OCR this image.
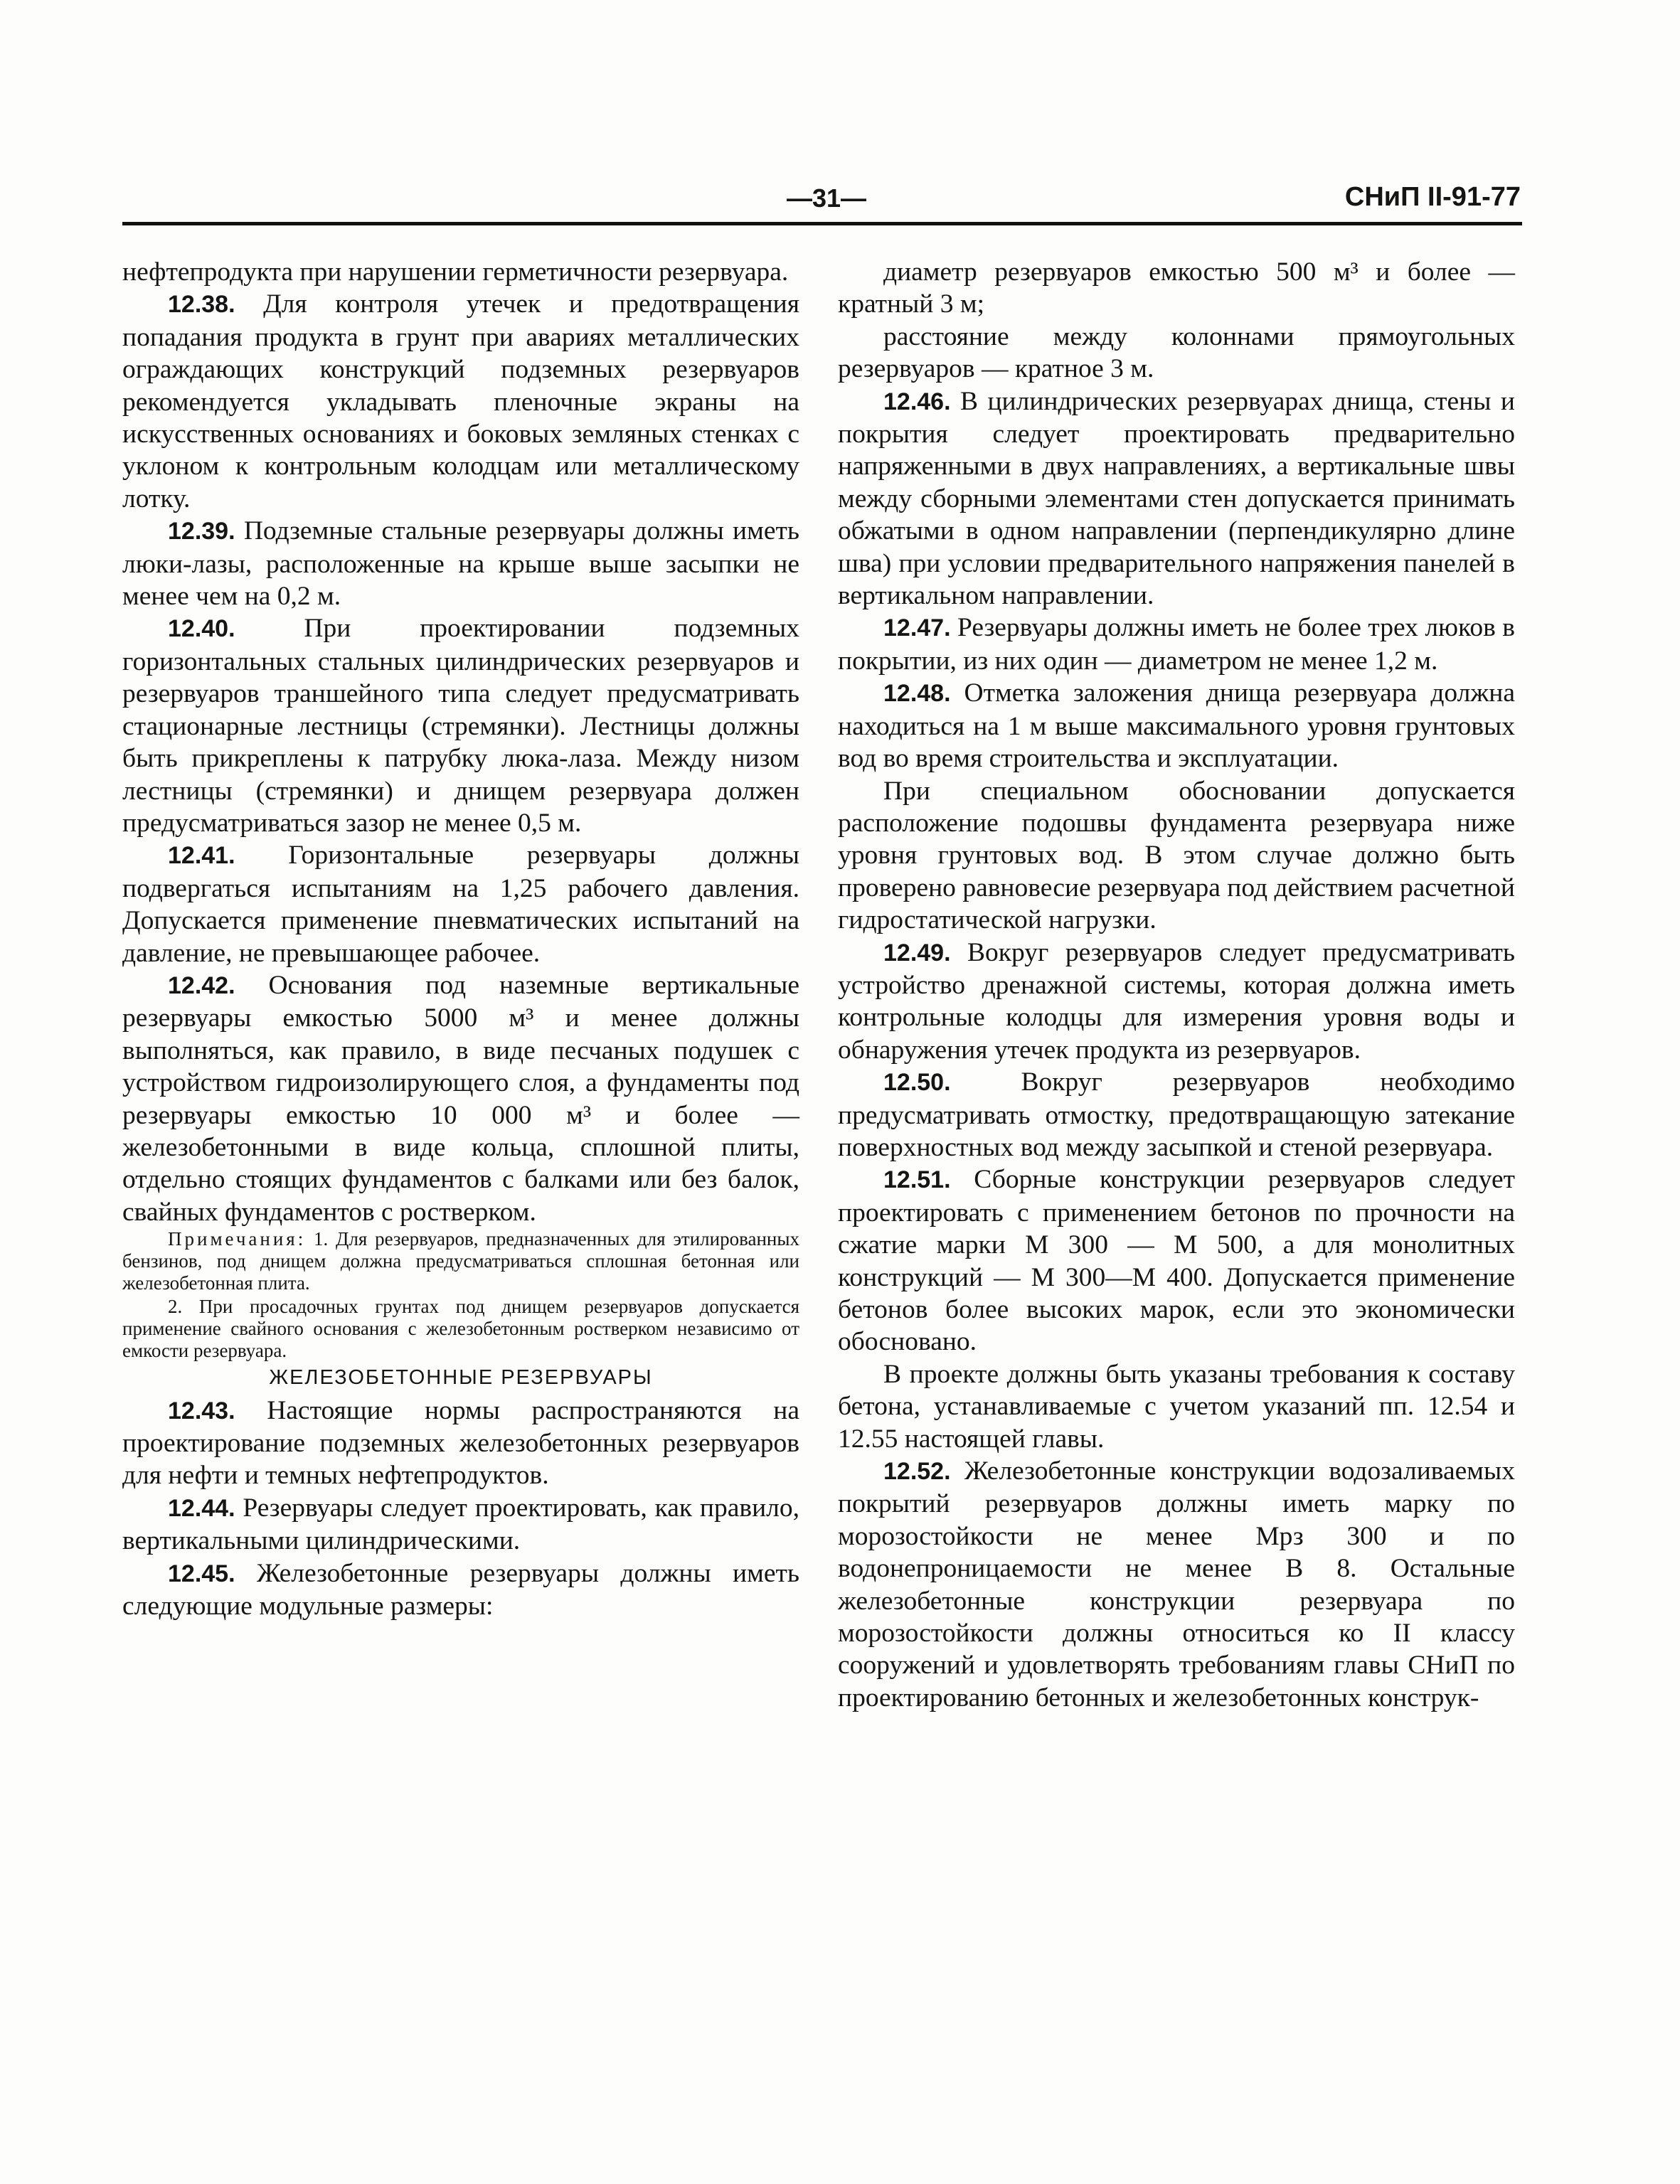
—31—	СНиП II-91-77

нефтепродукта при нарушении герметичности резервуара.

12.38. Для контроля утечек и предотвращения попадания продукта в грунт при авариях металлических ограждающих конструкций подземных резервуаров рекомендуется укладывать пленочные экраны на искусственных основаниях и боковых земляных стенках с уклоном к контрольным колодцам или металлическому лотку.

12.39. Подземные стальные резервуары должны иметь люки-лазы, расположенные на крыше выше засыпки не менее чем на 0,2 м.

12.40.	При проектировании подземных горизонтальных стальных цилиндрических резервуаров и резервуаров траншейного типа следует предусматривать стационарные лестницы (стремянки). Лестницы должны быть прикреплены к патрубку люка-лаза. Между низом лестницы (стремянки) и днищем резервуара должен предусматриваться зазор не менее 0,5 м.

12.41. Горизонтальные резервуары должны подвергаться испытаниям на 1,25 рабочего давления. Допускается применение пневматических испытаний на давление, не превышающее рабочее.

12.42. Основания под наземные вертикальные резервуары емкостью 5000 м³ и менее должны выполняться, как правило, в виде песчаных подушек с устройством гидроизолирующего слоя, а фундаменты под резервуары емкостью 10 000 м³ и более — железобетонными в виде кольца, сплошной плиты, отдельно стоящих фундаментов с балками или без балок, свайных фундаментов с ростверком.

Примечания: 1. Для резервуаров, предназначенных для этилированных бензинов, под днищем должна предусматриваться сплошная бетонная или железобетонная плита.

2. При просадочных грунтах под днищем резервуаров допускается применение свайного основания с железобетонным ростверком независимо от емкости резервуара.

ЖЕЛЕЗОБЕТОННЫЕ РЕЗЕРВУАРЫ

12.43. Настоящие нормы распространяются на проектирование подземных железобетонных резервуаров для нефти и темных нефтепродуктов.

12.44. Резервуары следует проектировать, как правило, вертикальными цилиндрическими.

12.45. Железобетонные резервуары должны иметь следующие модульные размеры:

диаметр резервуаров емкостью 500 м³ и более — кратный 3 м;

расстояние между колоннами прямоугольных резервуаров — кратное 3 м.

12.46. В цилиндрических резервуарах днища, стены и покрытия следует проектировать предварительно напряженными в двух направлениях, а вертикальные швы между сборными элементами стен допускается принимать обжатыми в одном направлении (перпендикулярно длине шва) при условии предварительного напряжения панелей в вертикальном направлении.

12.47. Резервуары должны иметь не более трех люков в покрытии, из них один — диаметром не менее 1,2 м.

12.48. Отметка заложения днища резервуара должна находиться на 1 м выше максимального уровня грунтовых вод во время строительства и эксплуатации.

При специальном обосновании допускается расположение подошвы фундамента резервуара ниже уровня грунтовых вод. В этом случае должно быть проверено равновесие резервуара под действием расчетной гидростатической нагрузки.

12.49. Вокруг резервуаров следует предусматривать устройство дренажной системы, которая должна иметь контрольные колодцы для измерения уровня воды и обнаружения утечек продукта из резервуаров.

12.50.	Вокруг резервуаров необходимо предусматривать отмостку, предотвращающую затекание поверхностных вод между засыпкой и стеной резервуара.

12.51. Сборные конструкции резервуаров следует проектировать с применением бетонов по прочности на сжатие марки М 300 — М 500, а для монолитных конструкций — М 300—М 400. Допускается применение бетонов более высоких марок, если это экономически обосновано.

В проекте должны быть указаны требования к составу бетона, устанавливаемые с учетом указаний пп. 12.54 и 12.55 настоящей главы.

12.52. Железобетонные конструкции водозаливаемых покрытий резервуаров должны иметь марку по морозостойкости не менее Мрз 300 и по водонепроницаемости не менее В 8. Остальные железобетонные конструкции резервуара по морозостойкости должны относиться ко II классу сооружений и удовлетворять требованиям главы СНиП по проектированию бетонных и железобетонных конструк-
